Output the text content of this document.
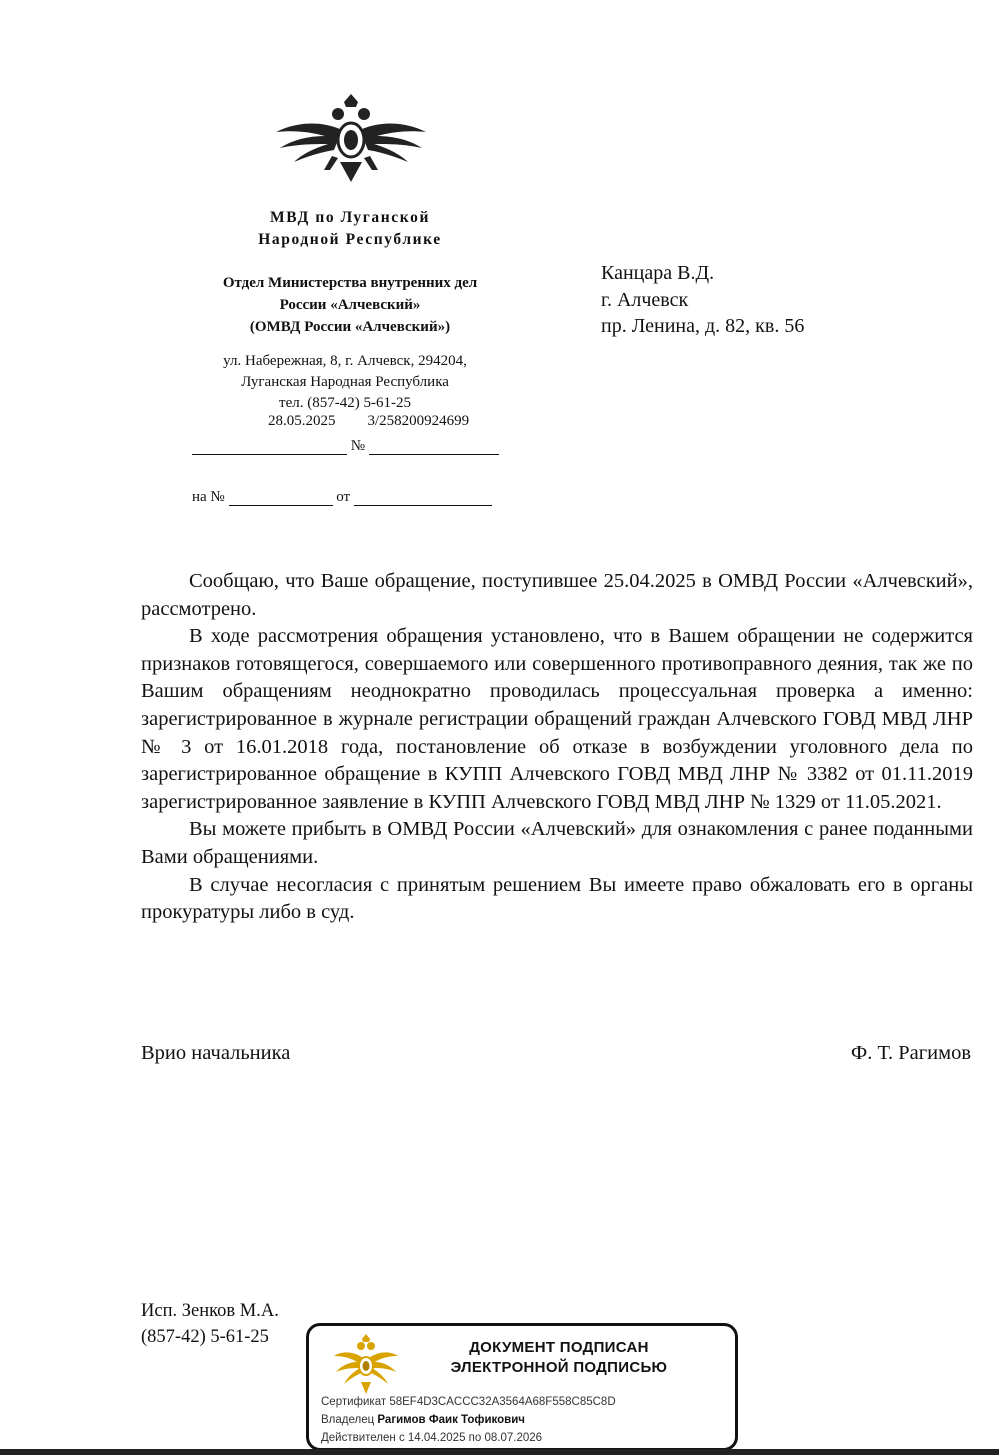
МВД по Луганской
Народной Республике
Отдел Министерства внутренних дел
России «Алчевский»
(ОМВД России «Алчевский»)
ул. Набережная, 8, г. Алчевск, 294204,
Луганская Народная Республика
тел. (857-42) 5-61-25
28.05.2025 3/258200924699
№
на №	от
Канцара В.Д.
г. Алчевск
пр. Ленина, д. 82, кв. 56

Сообщаю, что Ваше обращение, поступившее 25.04.2025 в ОМВД России «Алчевский», рассмотрено.

В ходе рассмотрения обращения установлено, что в Вашем обращении не содержится признаков готовящегося, совершаемого или совершенного противоправного деяния, так же по Вашим обращениям неоднократно проводилась процессуальная проверка а именно: зарегистрированное в журнале регистрации обращений граждан Алчевского ГОВД МВД ЛНР № 3 от 16.01.2018 года, постановление об отказе в возбуждении уголовного дела по зарегистрированное обращение в КУПП Алчевского ГОВД МВД ЛНР № 3382 от 01.11.2019 зарегистрированное заявление в КУПП Алчевского ГОВД МВД ЛНР № 1329 от 11.05.2021.

Вы можете прибыть в ОМВД России «Алчевский» для ознакомления с ранее поданными Вами обращениями.

В случае несогласия с принятым решением Вы имеете право обжаловать его в органы прокуратуры либо в суд.

Врио начальника	Ф. Т. Рагимов
Исп. Зенков М.А.
(857-42) 5-61-25
ДОКУМЕНТ ПОДПИСАН
ЭЛЕКТРОННОЙ ПОДПИСЬЮ
Сертификат 58EF4D3CACCC32A3564A68F558C85C8D
Владелец Рагимов Фаик Тофикович
Действителен с 14.04.2025 по 08.07.2026
